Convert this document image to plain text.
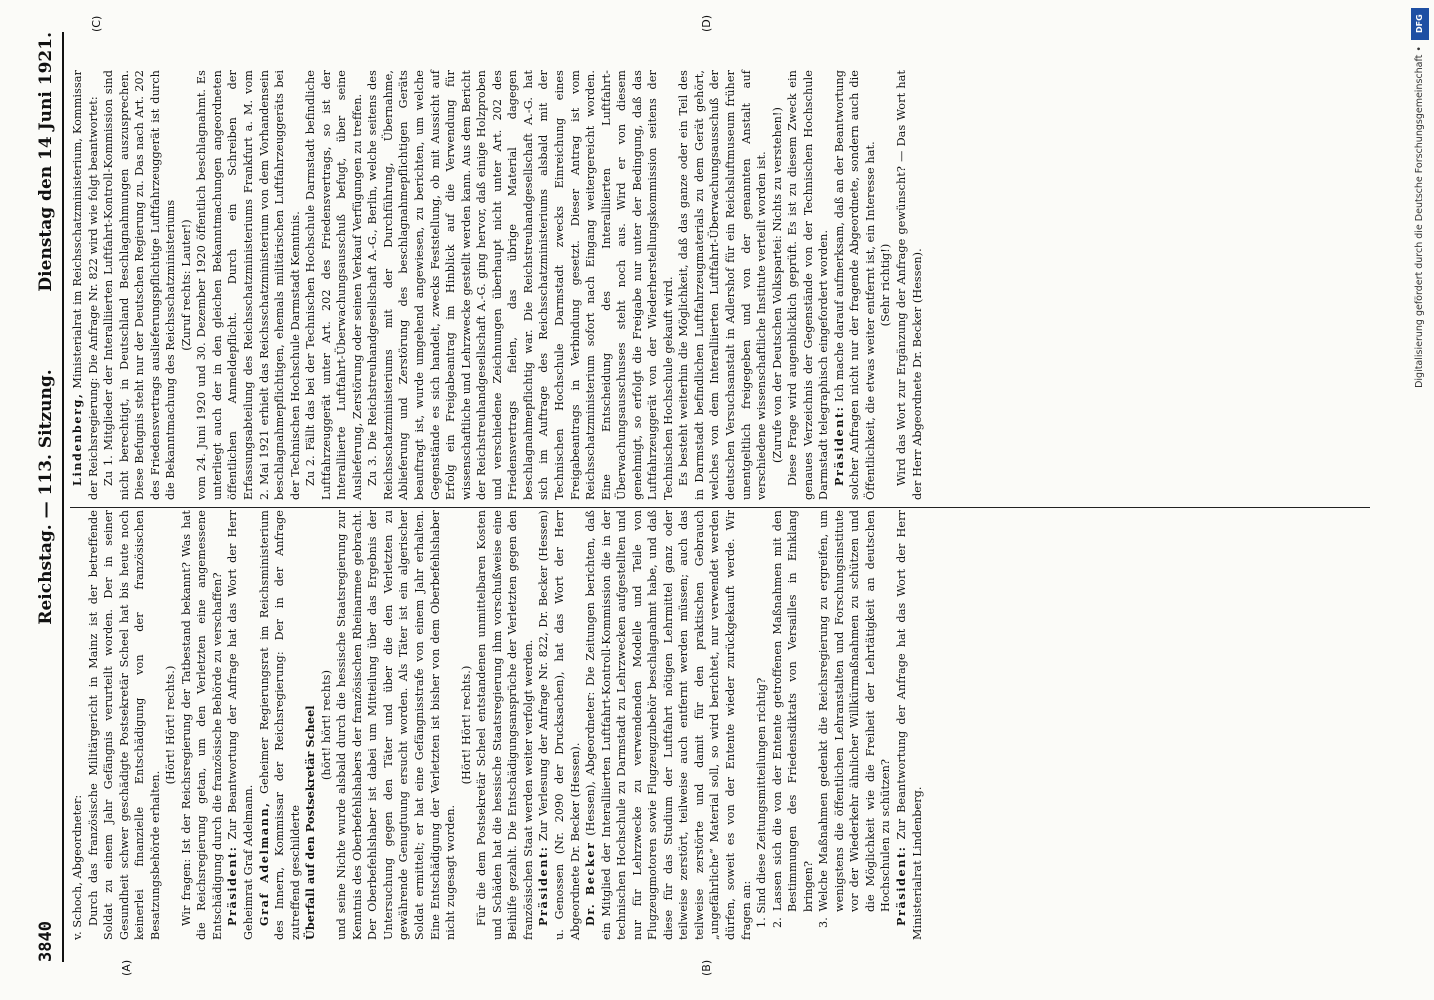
3840
Reichstag. — 113. Sitzung.
Dienstag den 14 Juni 1921.
(A)	(B)
(C)	(D)

v. Schoch, Abgeordneter: Durch das französische Militärgericht in Mainz ist der betreffende Soldat zu einem Jahr Gefängnis verurteilt worden. Der in seiner Gesundheit schwer geschädigte Postsekretär Scheel hat bis heute noch keinerlei finanzielle Entschädigung von der französischen Besatzungsbehörde erhalten.

(Hört! Hört! rechts.) Wir fragen: Ist der Reichsregierung der Tatbestand bekannt? Was hat die Reichsregierung getan, um den Verletzten eine angemessene Entschädigung durch die französische Behörde zu verschaffen? Präsident: Zur Beantwortung der Anfrage hat das Wort der Herr Geheimrat Graf Adelmann. Graf Adelmann, Geheimer Regierungsrat im Reichsministerium des Innern, Kommissar der Reichsregierung: Der in der Anfrage zutreffend geschilderte Überfall auf den Postsekretär Scheel (hört! hört! rechts) und seine Nichte wurde alsbald durch die hessische Staatsregierung zur Kenntnis des Oberbefehlshabers der französischen Rheinarmee gebracht. Der Oberbefehlshaber ist dabei um Mitteilung über das Ergebnis der Untersuchung gegen den Täter und über die den Verletzten zu gewährende Genugtuung ersucht worden. Als Täter ist ein algerischer Soldat ermittelt; er hat eine Gefängnisstrafe von einem Jahr erhalten. Eine Entschädigung der Verletzten ist bisher von dem Oberbefehlshaber nicht zugesagt worden.

(Hört! Hört! rechts.) Für die dem Postsekretär Scheel entstandenen unmittelbaren Kosten und Schäden hat die hessische Staatsregierung ihm vorschußweise eine Beihilfe gezahlt. Die Entschädigungsansprüche der Verletzten gegen den französischen Staat werden weiter verfolgt werden. Präsident: Zur Verlesung der Anfrage Nr. 822, Dr. Becker (Hessen) u. Genossen (Nr. 2090 der Drucksachen), hat das Wort der Herr Abgeordnete Dr. Becker (Hessen). Dr. Becker (Hessen), Abgeordneter: Die Zeitungen berichten, daß ein Mitglied der Interalliierten Luftfahrt-Kontroll-Kommission die in der technischen Hochschule zu Darmstadt zu Lehrzwecken aufgestellten und nur für Lehrzwecke zu verwendenden Modelle und Teile von Flugzeugmotoren sowie Flugzeugzubehör beschlagnahmt habe, und daß diese für das Studium der Luftfahrt nötigen Lehrmittel ganz oder teilweise zerstört, teilweise auch entfernt werden müssen; auch das teilweise zerstörte und damit für den praktischen Gebrauch „ungefährliche“ Material soll, so wird berichtet, nur verwendet werden dürfen, soweit es von der Entente wieder zurückgekauft werde. Wir fragen an: 1. Sind diese Zeitungsmitteilungen richtig? 2. Lassen sich die von der Entente getroffenen Maßnahmen mit den Bestimmungen des Friedensdiktats von Versailles in Einklang bringen? 3. Welche Maßnahmen gedenkt die Reichsregierung zu ergreifen, um wenigstens die öffentlichen Lehranstalten und Forschungsinstitute vor der Wiederkehr ähnlicher Willkürmaßnahmen zu schützen und die Möglichkeit wie die Freiheit der Lehrtätigkeit an deutschen Hochschulen zu schützen? Präsident: Zur Beantwortung der Anfrage hat das Wort der Herr Ministerialrat Lindenberg.

Lindenberg, Ministerialrat im Reichsschatzministerium, Kommissar der Reichsregierung: Die Anfrage Nr. 822 wird wie folgt beantwortet: Zu 1. Mitglieder der Interalliierten Luftfahrt-Kontroll-Kommission sind nicht berechtigt, in Deutschland Beschlagnahmungen auszusprechen. Diese Befugnis steht nur der Deutschen Regierung zu. Das nach Art. 202 des Friedensvertrags auslieferungspflichtige Luftfahrzeuggerät ist durch die Bekanntmachung des Reichsschatzministeriums (Zuruf rechts: Lauter!) vom 24. Juni 1920 und 30. Dezember 1920 öffentlich beschlagnahmt. Es unterliegt auch der in den gleichen Bekanntmachungen angeordneten öffentlichen Anmeldepflicht. Durch ein Schreiben der Erfassungsabteilung des Reichsschatzministeriums Frankfurt a. M. vom 2. Mai 1921 erhielt das Reichsschatzministerium von dem Vorhandensein beschlagnahmepflichtigen, ehemals militärischen Luftfahrzeuggeräts bei der Technischen Hochschule Darmstadt Kenntnis. Zu 2. Fällt das bei der Technischen Hochschule Darmstadt befindliche Luftfahrzeuggerät unter Art. 202 des Friedensvertrags, so ist der Interalliierte Luftfahrt-Überwachungsausschuß befugt, über seine Auslieferung, Zerstörung oder seinen Verkauf Verfügungen zu treffen. Zu 3. Die Reichstreuhandgesellschaft A.-G., Berlin, welche seitens des Reichsschatzministeriums mit der Durchführung, Übernahme, Ablieferung und Zerstörung des beschlagnahmepflichtigen Geräts beauftragt ist, wurde umgehend angewiesen, zu berichten, um welche Gegenstände es sich handelt, zwecks Feststellung, ob mit Aussicht auf Erfolg ein Freigabeantrag im Hinblick auf die Verwendung für wissenschaftliche und Lehrzwecke gestellt werden kann. Aus dem Bericht der Reichstreuhandgesellschaft A.-G. ging hervor, daß einige Holzproben und verschiedene Zeichnungen überhaupt nicht unter Art. 202 des Friedensvertrags fielen, das übrige Material dagegen beschlagnahmepflichtig war. Die Reichstreuhandgesellschaft A.-G. hat sich im Auftrage des Reichsschatzministeriums alsbald mit der Technischen Hochschule Darmstadt zwecks Einreichung eines Freigabeantrags in Verbindung gesetzt. Dieser Antrag ist vom Reichsschatzministerium sofort nach Eingang weitergereicht worden. Eine Entscheidung des Interalliierten Luftfahrt-Überwachungsausschusses steht noch aus. Wird er von diesem genehmigt, so erfolgt die Freigabe nur unter der Bedingung, daß das Luftfahrzeuggerät von der Wiederherstellungskommission seitens der Technischen Hochschule gekauft wird. Es besteht weiterhin die Möglichkeit, daß das ganze oder ein Teil des in Darmstadt befindlichen Luftfahrzeugmaterials zu dem Gerät gehört, welches von dem Interalliierten Luftfahrt-Überwachungsausschuß der deutschen Versuchsanstalt in Adlershof für ein Reichsluftmuseum früher unentgeltlich freigegeben und von der genannten Anstalt auf verschiedene wissenschaftliche Institute verteilt worden ist. (Zurufe von der Deutschen Volkspartei: Nichts zu verstehen!) Diese Frage wird augenblicklich geprüft. Es ist zu diesem Zweck ein genaues Verzeichnis der Gegenstände von der Technischen Hochschule Darmstadt telegraphisch eingefordert worden. Präsident: Ich mache darauf aufmerksam, daß an der Beantwortung solcher Anfragen nicht nur der fragende Abgeordnete, sondern auch die Öffentlichkeit, die etwas weiter entfernt ist, ein Interesse hat. (Sehr richtig!) Wird das Wort zur Ergänzung der Anfrage gewünscht? — Das Wort hat der Herr Abgeordnete Dr. Becker (Hessen).

DFG
Digitalisierung gefördert durch die Deutsche Forschungsgemeinschaft •
